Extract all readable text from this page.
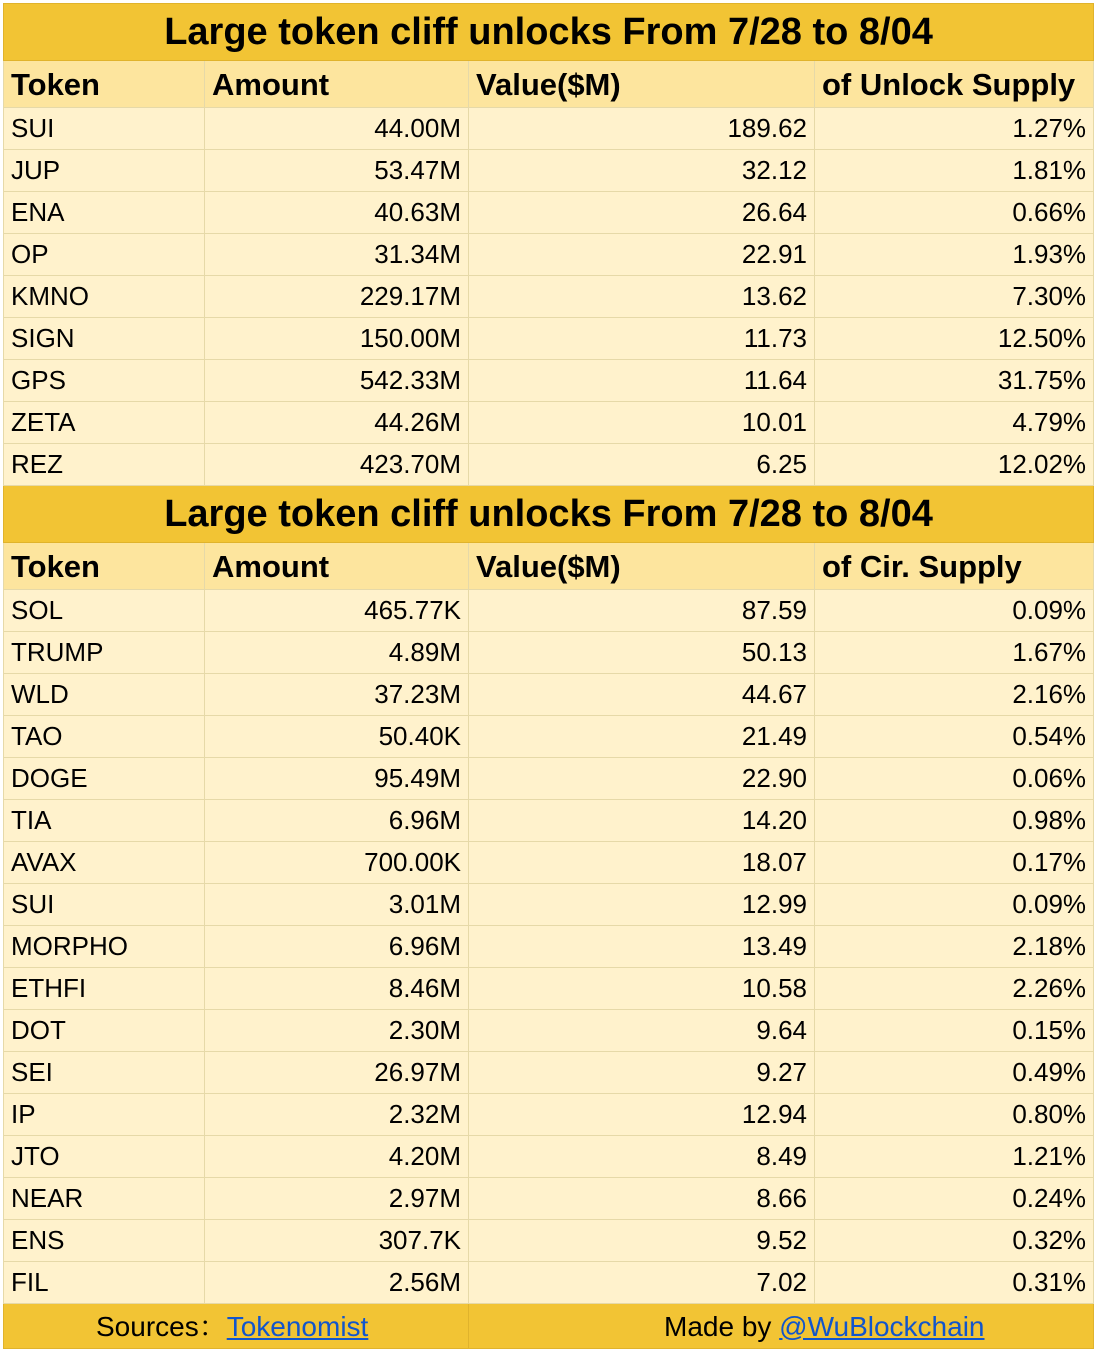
Large token cliff unlocks From 7/28 to 8/04			
Token	Amount	Value($M)	of Unlock Supply
SUI	44.00M	189.62	1.27%
JUP	53.47M	32.12	1.81%
ENA	40.63M	26.64	0.66%
OP	31.34M	22.91	1.93%
KMNO	229.17M	13.62	7.30%
SIGN	150.00M	11.73	12.50%
GPS	542.33M	11.64	31.75%
ZETA	44.26M	10.01	4.79%
REZ	423.70M	6.25	12.02%
Large token cliff unlocks From 7/28 to 8/04			
Token	Amount	Value($M)	of Cir. Supply
SOL	465.77K	87.59	0.09%
TRUMP	4.89M	50.13	1.67%
WLD	37.23M	44.67	2.16%
TAO	50.40K	21.49	0.54%
DOGE	95.49M	22.90	0.06%
TIA	6.96M	14.20	0.98%
AVAX	700.00K	18.07	0.17%
SUI	3.01M	12.99	0.09%
MORPHO	6.96M	13.49	2.18%
ETHFI	8.46M	10.58	2.26%
DOT	2.30M	9.64	0.15%
SEI	26.97M	9.27	0.49%
IP	2.32M	12.94	0.80%
JTO	4.20M	8.49	1.21%
NEAR	2.97M	8.66	0.24%
ENS	307.7K	9.52	0.32%
FIL	2.56M	7.02	0.31%
Sources：Tokenomist		Made by @WuBlockchain	
